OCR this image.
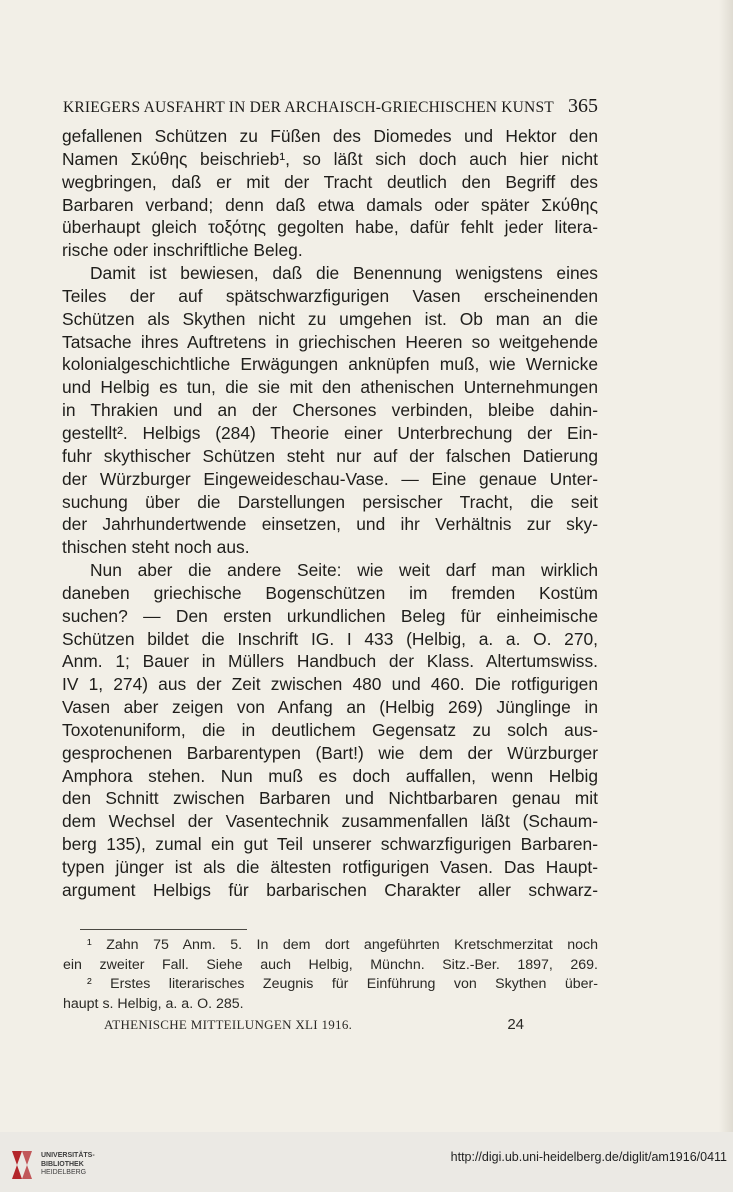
KRIEGERS AUSFAHRT IN DER ARCHAISCH-GRIECHISCHEN KUNST 365
gefallenen Schützen zu Füßen des Diomedes und Hektor den
Namen Σκύθης beischrieb¹, so läßt sich doch auch hier nicht
wegbringen, daß er mit der Tracht deutlich den Begriff des
Barbaren verband; denn daß etwa damals oder später Σκύθης
überhaupt gleich τοξότης gegolten habe, dafür fehlt jeder litera-
rische oder inschriftliche Beleg.
Damit ist bewiesen, daß die Benennung wenigstens eines
Teiles der auf spätschwarzfigurigen Vasen erscheinenden
Schützen als Skythen nicht zu umgehen ist. Ob man an die
Tatsache ihres Auftretens in griechischen Heeren so weitgehende
kolonialgeschichtliche Erwägungen anknüpfen muß, wie Wernicke
und Helbig es tun, die sie mit den athenischen Unternehmungen
in Thrakien und an der Chersones verbinden, bleibe dahin-
gestellt². Helbigs (284) Theorie einer Unterbrechung der Ein-
fuhr skythischer Schützen steht nur auf der falschen Datierung
der Würzburger Eingeweideschau-Vase. — Eine genaue Unter-
suchung über die Darstellungen persischer Tracht, die seit
der Jahrhundertwende einsetzen, und ihr Verhältnis zur sky-
thischen steht noch aus.
Nun aber die andere Seite: wie weit darf man wirklich
daneben griechische Bogenschützen im fremden Kostüm
suchen? — Den ersten urkundlichen Beleg für einheimische
Schützen bildet die Inschrift IG. I 433 (Helbig, a. a. O. 270,
Anm. 1; Bauer in Müllers Handbuch der Klass. Altertumswiss.
IV 1, 274) aus der Zeit zwischen 480 und 460. Die rotfigurigen
Vasen aber zeigen von Anfang an (Helbig 269) Jünglinge in
Toxotenuniform, die in deutlichem Gegensatz zu solch aus-
gesprochenen Barbarentypen (Bart!) wie dem der Würzburger
Amphora stehen. Nun muß es doch auffallen, wenn Helbig
den Schnitt zwischen Barbaren und Nichtbarbaren genau mit
dem Wechsel der Vasentechnik zusammenfallen läßt (Schaum-
berg 135), zumal ein gut Teil unserer schwarzfigurigen Barbaren-
typen jünger ist als die ältesten rotfigurigen Vasen. Das Haupt-
argument Helbigs für barbarischen Charakter aller schwarz-
¹ Zahn 75 Anm. 5. In dem dort angeführten Kretschmerzitat noch
ein zweiter Fall. Siehe auch Helbig, Münchn. Sitz.-Ber. 1897, 269.
² Erstes literarisches Zeugnis für Einführung von Skythen über-
haupt s. Helbig, a. a. O. 285.
ATHENISCHE MITTEILUNGEN XLI 1916.	24
UNIVERSITÄTS-
BIBLIOTHEK
HEIDELBERG
http://digi.ub.uni-heidelberg.de/diglit/am1916/0411
